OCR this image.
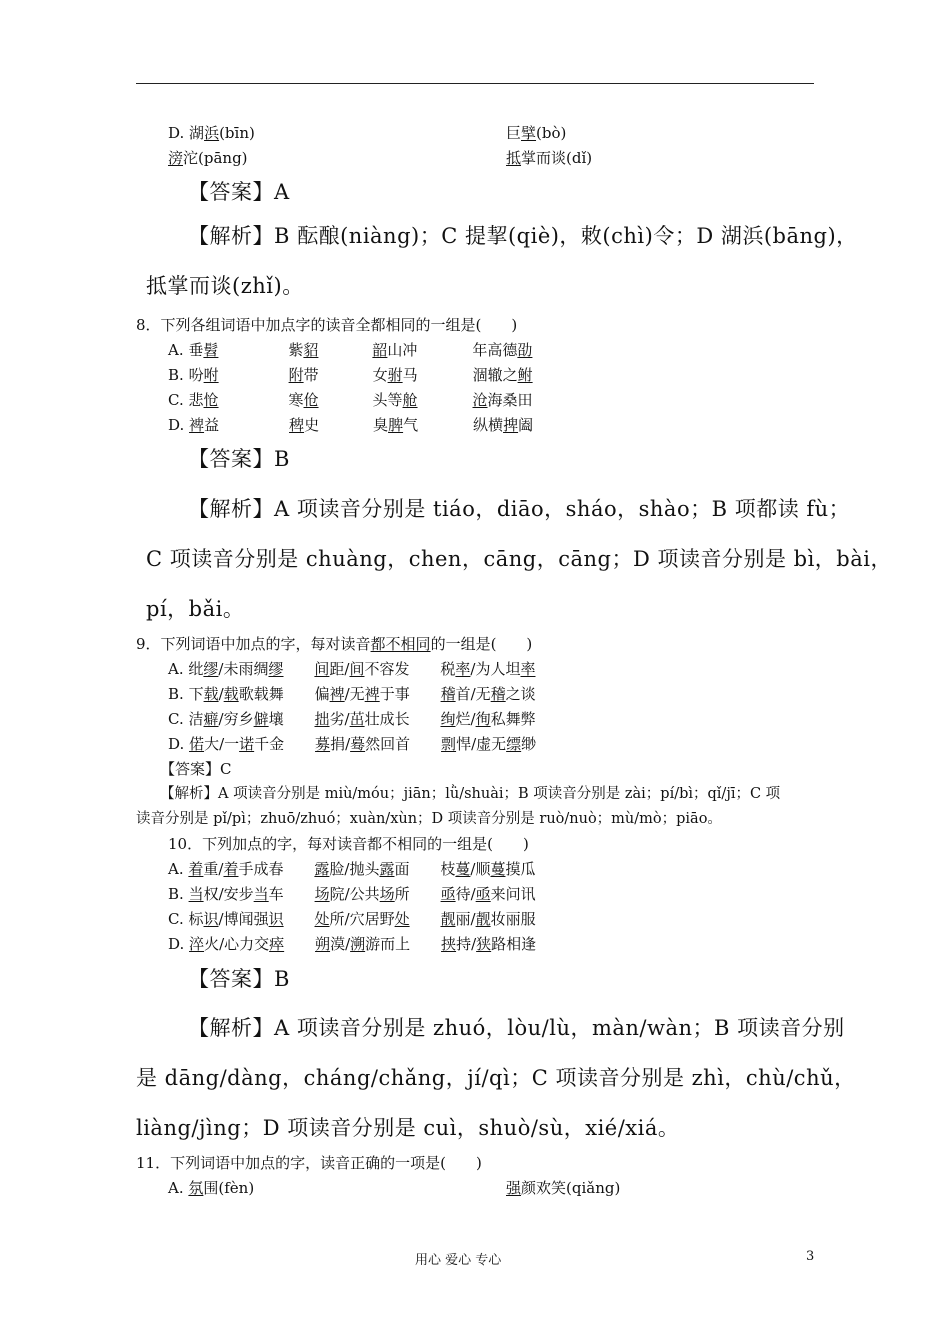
D. 湖浜(bīn)	巨擘(bò)
滂沱(pāng)	抵掌而谈(dǐ)
【答案】A
【解析】B 酝酿(niàng)；C 提挈(qiè)，敕(chì)令；D 湖浜(bāng)，
抵掌而谈(zhǐ)。
8．下列各组词语中加点字的读音全都相同的一组是(　　)
A. 垂髫	紫貂	韶山冲	年高德劭
B. 吩咐	附带	女驸马	涸辙之鲋
C. 悲怆	寒伧	头等舱	沧海桑田
D. 裨益	稗史	臭脾气	纵横捭阖
【答案】B
【解析】A 项读音分别是 tiáo，diāo，sháo，shào；B 项都读 fù；
C 项读音分别是 chuàng，chen，cāng，cāng；D 项读音分别是 bì，bài，
pí，bǎi。
9．下列词语中加点的字，每对读音都不相同的一组是(　　)
A. 纰缪/未雨绸缪 间距/间不容发 税率/为人坦率
B. 下载/载歌载舞 偏裨/无裨于事 稽首/无稽之谈
C. 洁癖/穷乡僻壤 拙劣/茁壮成长 绚烂/徇私舞弊
D. 偌大/一诺千金 募捐/蓦然回首 剽悍/虚无缥缈
【答案】C
【解析】A 项读音分别是 miù/móu；jiān；lǜ/shuài；B 项读音分别是 zài；pí/bì；qǐ/jī；C 项
读音分别是 pǐ/pì；zhuō/zhuó；xuàn/xùn；D 项读音分别是 ruò/nuò；mù/mò；piāo。
10．下列加点的字，每对读音都不相同的一组是(　　)
A. 着重/着手成春 露脸/抛头露面 枝蔓/顺蔓摸瓜
B. 当权/安步当车 场院/公共场所 亟待/亟来问讯
C. 标识/博闻强识 处所/穴居野处 靓丽/靓妆丽服
D. 淬火/心力交瘁 朔漠/溯游而上 挟持/狭路相逢
【答案】B
【解析】A 项读音分别是 zhuó，lòu/lù，màn/wàn；B 项读音分别
是 dāng/dàng，cháng/chǎng，jí/qì；C 项读音分别是 zhì，chù/chǔ，
liàng/jìng；D 项读音分别是 cuì，shuò/sù，xié/xiá。
11．下列词语中加点的字，读音正确的一项是(　　)
A. 氛围(fèn)	强颜欢笑(qiǎng)
用心 爱心 专心	3
